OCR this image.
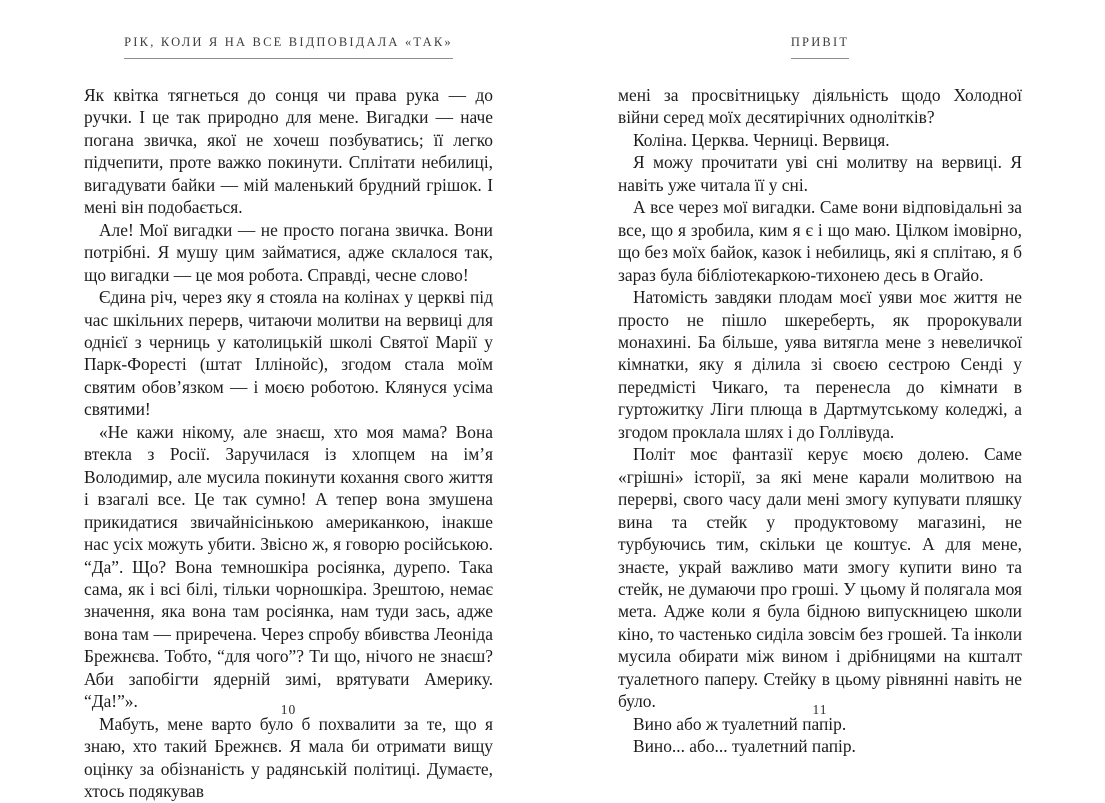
РІК, КОЛИ Я НА ВСЕ ВІДПОВІДАЛА «ТАК»

Як квітка тягнеться до сонця чи права рука — до ручки. І це так природно для мене. Вигадки — наче погана звичка, якої не хочеш позбуватись; її легко підчепити, проте важко покинути. Сплітати небилиці, вигадувати байки — мій маленький брудний грішок. І мені він подобається.

Але! Мої вигадки — не просто погана звичка. Вони потрібні. Я мушу цим займатися, адже склалося так, що вигадки — це моя робота. Справді, чесне слово!

Єдина річ, через яку я стояла на колінах у церкві під час шкільних перерв, читаючи молитви на вервиці для однієї з черниць у католицькій школі Святої Марії у Парк-Форесті (штат Іллінойс), згодом стала моїм святим обов’язком — і моєю роботою. Клянуся усіма святими!

«Не кажи нікому, але знаєш, хто моя мама? Вона втекла з Росії. Заручилася із хлопцем на ім’я Володимир, але мусила покинути кохання свого життя і взагалі все. Це так сумно! А тепер вона змушена прикидатися звичайнісінькою американкою, інакше нас усіх можуть убити. Звісно ж, я говорю російською. “Да”. Що? Вона темношкіра росіянка, дурепо. Така сама, як і всі білі, тільки чорношкіра. Зрештою, немає значення, яка вона там росіянка, нам туди зась, адже вона там — приречена. Через спробу вбивства Леоніда Брежнєва. Тобто, “для чого”? Ти що, нічого не знаєш? Аби запобігти ядерній зимі, врятувати Америку. “Да!”».

Мабуть, мене варто було б похвалити за те, що я знаю, хто такий Брежнєв. Я мала би отримати вищу оцінку за обізнаність у радянській політиці. Думаєте, хтось подякував

10
ПРИВІТ

мені за просвітницьку діяльність щодо Холодної війни серед моїх десятирічних однолітків?

Коліна. Церква. Черниці. Вервиця.

Я можу прочитати уві сні молитву на вервиці. Я навіть уже читала її у сні.

А все через мої вигадки. Саме вони відповідальні за все, що я зробила, ким я є і що маю. Цілком імовірно, що без моїх байок, казок і небилиць, які я сплітаю, я б зараз була бібліотекаркою-тихонею десь в Огайо.

Натомість завдяки плодам моєї уяви моє життя не просто не пішло шкереберть, як пророкували монахині. Ба більше, уява витягла мене з невеличкої кімнатки, яку я ділила зі своєю сестрою Сенді у передмісті Чикаго, та перенесла до кімнати в гуртожитку Ліги плюща в Дартмутському коледжі, а згодом проклала шлях і до Голлівуда.

Політ моє фантазії керує моєю долею. Саме «грішні» історії, за які мене карали молитвою на перерві, свого часу дали мені змогу купувати пляшку вина та стейк у продуктовому магазині, не турбуючись тим, скільки це коштує. А для мене, знаєте, украй важливо мати змогу купити вино та стейк, не думаючи про гроші. У цьому й полягала моя мета. Адже коли я була бідною випускницею школи кіно, то частенько сиділа зовсім без грошей. Та інколи мусила обирати між вином і дрібницями на кшталт туалетного паперу. Стейку в цьому рівнянні навіть не було.

Вино або ж туалетний папір.

Вино... або... туалетний папір.

11
